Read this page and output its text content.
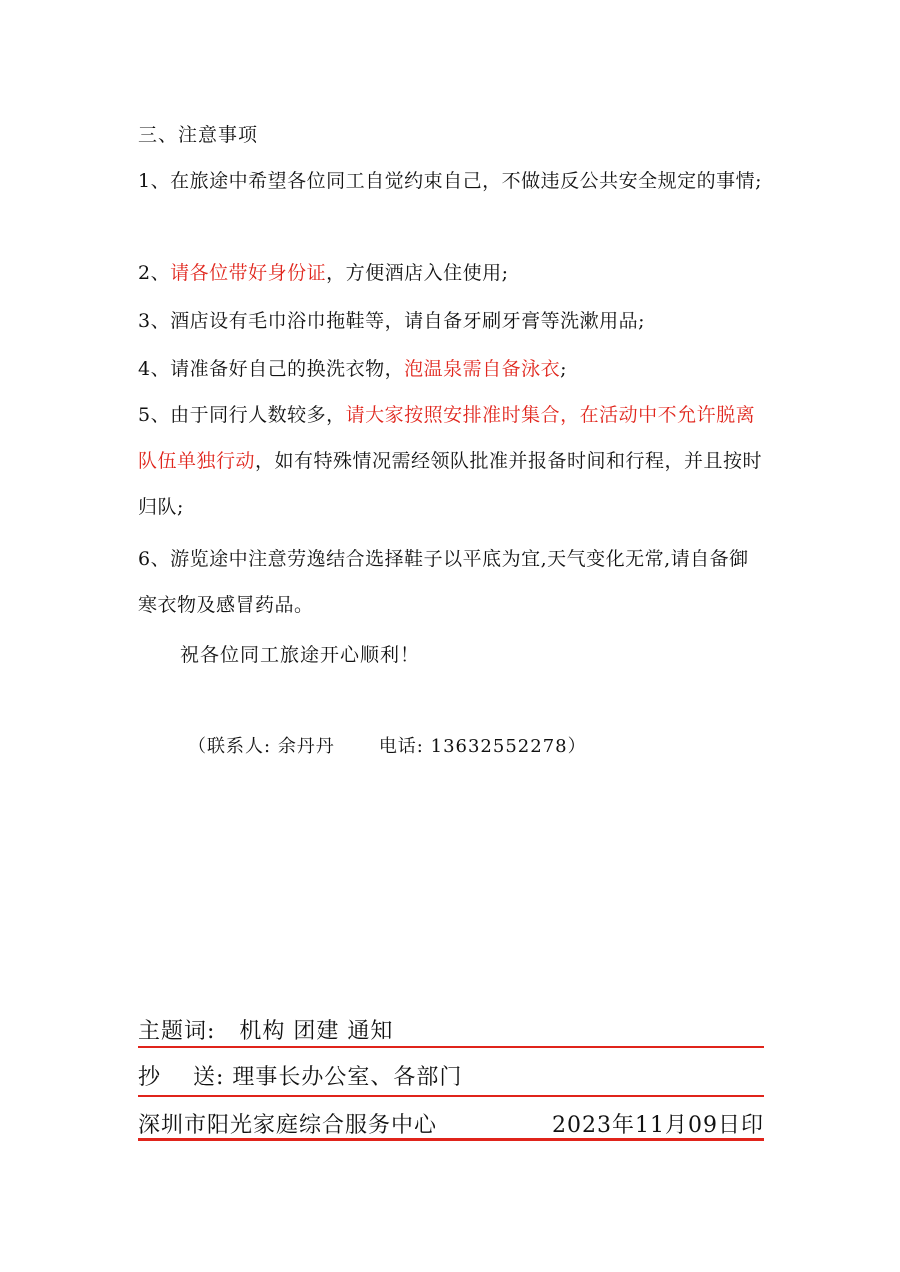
三、注意事项

1、在旅途中希望各位同工自觉约束自己，不做违反公共安全规定的事情;

2、请各位带好身份证，方便酒店入住使用;

3、酒店设有毛巾浴巾拖鞋等，请自备牙刷牙膏等洗漱用品;

4、请准备好自己的换洗衣物，泡温泉需自备泳衣;

5、由于同行人数较多，请大家按照安排准时集合，在活动中不允许脱离队伍单独行动，如有特殊情况需经领队批准并报备时间和行程，并且按时归队;

6、游览途中注意劳逸结合选择鞋子以平底为宜,天气变化无常,请自备御寒衣物及感冒药品。

祝各位同工旅途开心顺利！
（联系人: 余丹丹 电话: 13632552278）
主题词: 机构 团建 通知
抄    送: 理事长办公室、各部门
深圳市阳光家庭综合服务中心	2023年11月09日印
